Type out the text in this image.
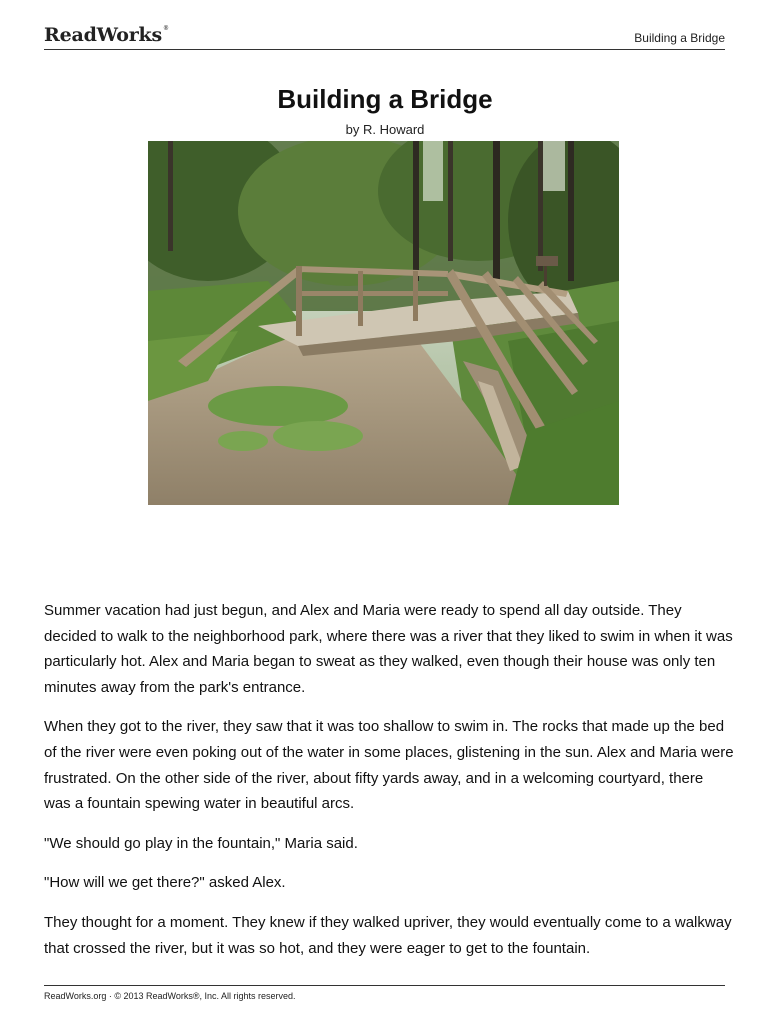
ReadWorks®
Building a Bridge
Building a Bridge
by R. Howard

Summer vacation had just begun, and Alex and Maria were ready to spend all day outside. They decided to walk to the neighborhood park, where there was a river that they liked to swim in when it was particularly hot. Alex and Maria began to sweat as they walked, even though their house was only ten minutes away from the park's entrance.

When they got to the river, they saw that it was too shallow to swim in. The rocks that made up the bed of the river were even poking out of the water in some places, glistening in the sun. Alex and Maria were frustrated. On the other side of the river, about fifty yards away, and in a welcoming courtyard, there was a fountain spewing water in beautiful arcs.

"We should go play in the fountain," Maria said.

"How will we get there?" asked Alex.

They thought for a moment. They knew if they walked upriver, they would eventually come to a walkway that crossed the river, but it was so hot, and they were eager to get to the fountain.

ReadWorks.org · © 2013 ReadWorks®, Inc. All rights reserved.
